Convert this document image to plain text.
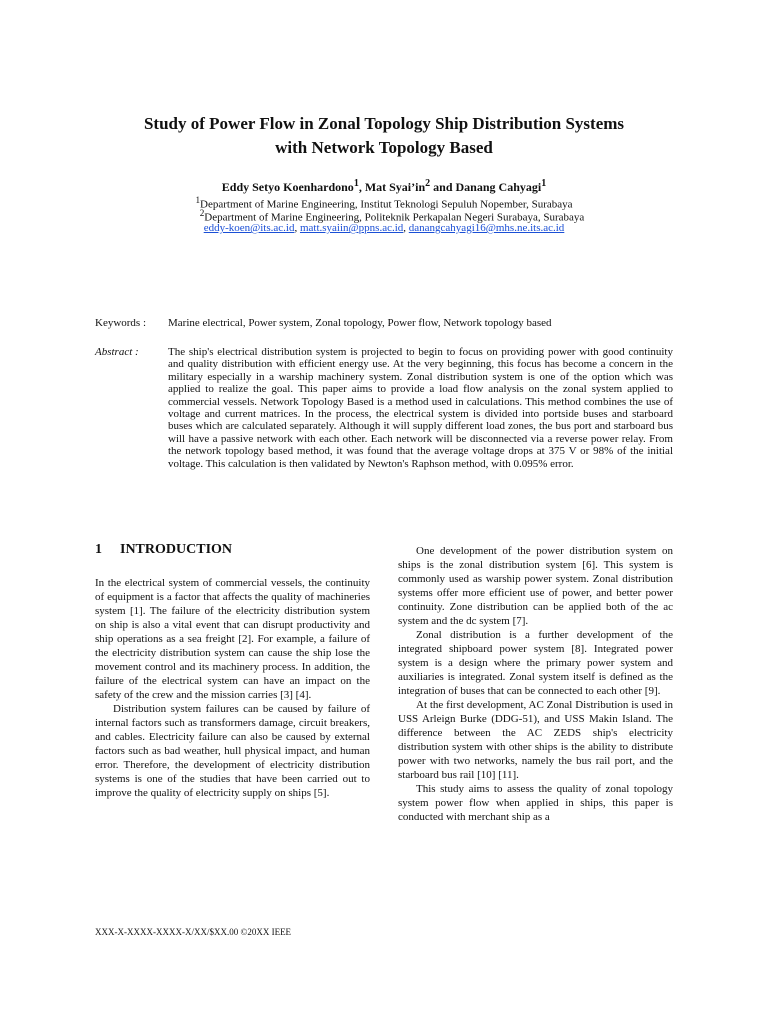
Study of Power Flow in Zonal Topology Ship Distribution Systems
with Network Topology Based

Eddy Setyo Koenhardono$^1$, Mat $Syai’in^2$ and Danang Cahyagi$^1$

$^1$Department of Marine Engineering, Institut Teknologi Sepuluh Nopember, Surabaya
$^2$Department of Marine Engineering, Politeknik Perkapalan Negeri Surabaya, Surabaya
eddy-koen@its.ac.id, matt.syaiin@ppns.ac.id, danangcahyagi16@mhs.ne.its.ac.id
Keywords : Marine electrical, Power system, Zonal topology, Power flow, Network topology based
Abstract :	The ship's electrical distribution system is projected to begin to focus on providing power with good continuity and quality distribution with efficient energy use. At the very beginning, this focus has become a concern in the military especially in a warship machinery system. Zonal distribution system is one of the option which was applied to realize the goal. This paper aims to provide a load flow analysis on the zonal system applied to commercial vessels. Network Topology Based is a method used in calculations. This method combines the use of voltage and current matrices. In the process, the electrical system is divided into portside buses and starboard buses which are calculated separately. Although it will supply different load zones, the bus port and starboard bus will have a passive network with each other. Each network will be disconnected via a reverse power relay. From the network topology based method, it was found that the average voltage drops at 375 V or 98% of the initial voltage. This calculation is then validated by Newton's Raphson method, with 0.095% error.

1 INTRODUCTION

In the electrical system of commercial vessels, the continuity of equipment is a factor that affects the quality of machineries system [1]. The failure of the electricity distribution system on ship is also a vital event that can disrupt productivity and ship operations as a sea freight [2]. For example, a failure of the electricity distribution system can cause the ship lose the movement control and its machinery process. In addition, the failure of the electrical system can have an impact on the safety of the crew and the mission carries [3] [4].

Distribution system failures can be caused by failure of internal factors such as transformers damage, circuit breakers, and cables. Electricity failure can also be caused by external factors such as bad weather, hull physical impact, and human error. Therefore, the development of electricity distribution systems is one of the studies that have been carried out to improve the quality of electricity supply on ships [5].

One development of the power distribution system on ships is the zonal distribution system [6]. This system is commonly used as warship power system. Zonal distribution systems offer more efficient use of power, and better power continuity. Zone distribution can be applied both of the ac system and the dc system [7].

Zonal distribution is a further development of the integrated shipboard power system [8]. Integrated power system is a design where the primary power system and auxiliaries is integrated. Zonal system itself is defined as the integration of buses that can be connected to each other [9].

At the first development, AC Zonal Distribution is used in USS Arleign Burke (DDG-51), and USS Makin Island. The difference between the AC ZEDS ship's electricity distribution system with other ships is the ability to distribute power with two networks, namely the bus rail port, and the starboard bus rail [10] [11].

This study aims to assess the quality of zonal topology system power flow when applied in ships, this paper is conducted with merchant ship as a

XXX-X-XXXX-XXXX-X/XX/$XX.00 ©20XX IEEE
